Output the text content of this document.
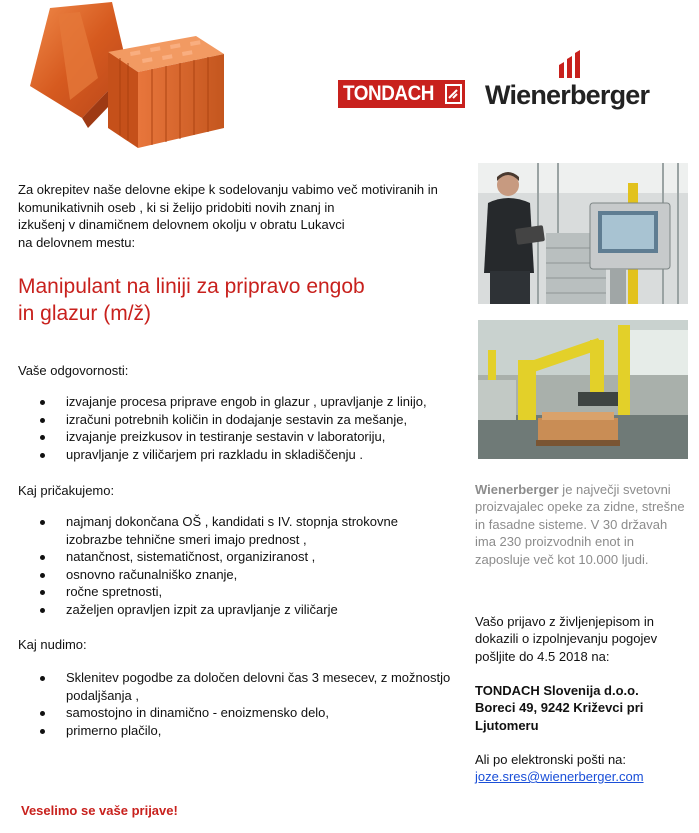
TONDACH Wienerberger
Za okrepitev naše delovne ekipe k sodelovanju vabimo več motiviranih in
komunikativnih oseb , ki si želijo pridobiti novih znanj in
izkušenj v dinamičnem delovnem okolju v obratu Lukavci
na delovnem mestu:
Manipulant na liniji za pripravo engob
in glazur (m/ž)
Vaše odgovornosti:
izvajanje procesa priprave engob in glazur , upravljanje z linijo,
izračuni potrebnih količin in dodajanje sestavin za mešanje,
izvajanje preizkusov in testiranje sestavin v laboratoriju,
upravljanje z viličarjem pri razkladu in skladiščenju .
Kaj pričakujemo:
najmanj dokončana OŠ , kandidati s IV. stopnja strokovne izobrazbe tehnične smeri imajo prednost ,
natančnost, sistematičnost, organiziranost ,
osnovno računalniško znanje,
ročne spretnosti,
zaželjen opravljen izpit za upravljanje z viličarje
Kaj nudimo:
Sklenitev pogodbe za določen delovni čas 3 mesecev, z možnostjo podaljšanja ,
samostojno in dinamično - enoizmensko delo,
primerno plačilo,
Veselimo se vaše prijave!
Wienerberger je največji svetovni proizvajalec opeke za zidne, strešne in fasadne sisteme. V 30 državah ima 230 proizvodnih enot in zaposluje več kot 10.000 ljudi.
Vašo prijavo z življenjepisom in dokazili o izpolnjevanju pogojev pošljite do 4.5 2018 na:
TONDACH Slovenija d.o.o.
Boreci 49, 9242 Križevci pri Ljutomeru
Ali po elektronski pošti na:
joze.sres@wienerberger.com
